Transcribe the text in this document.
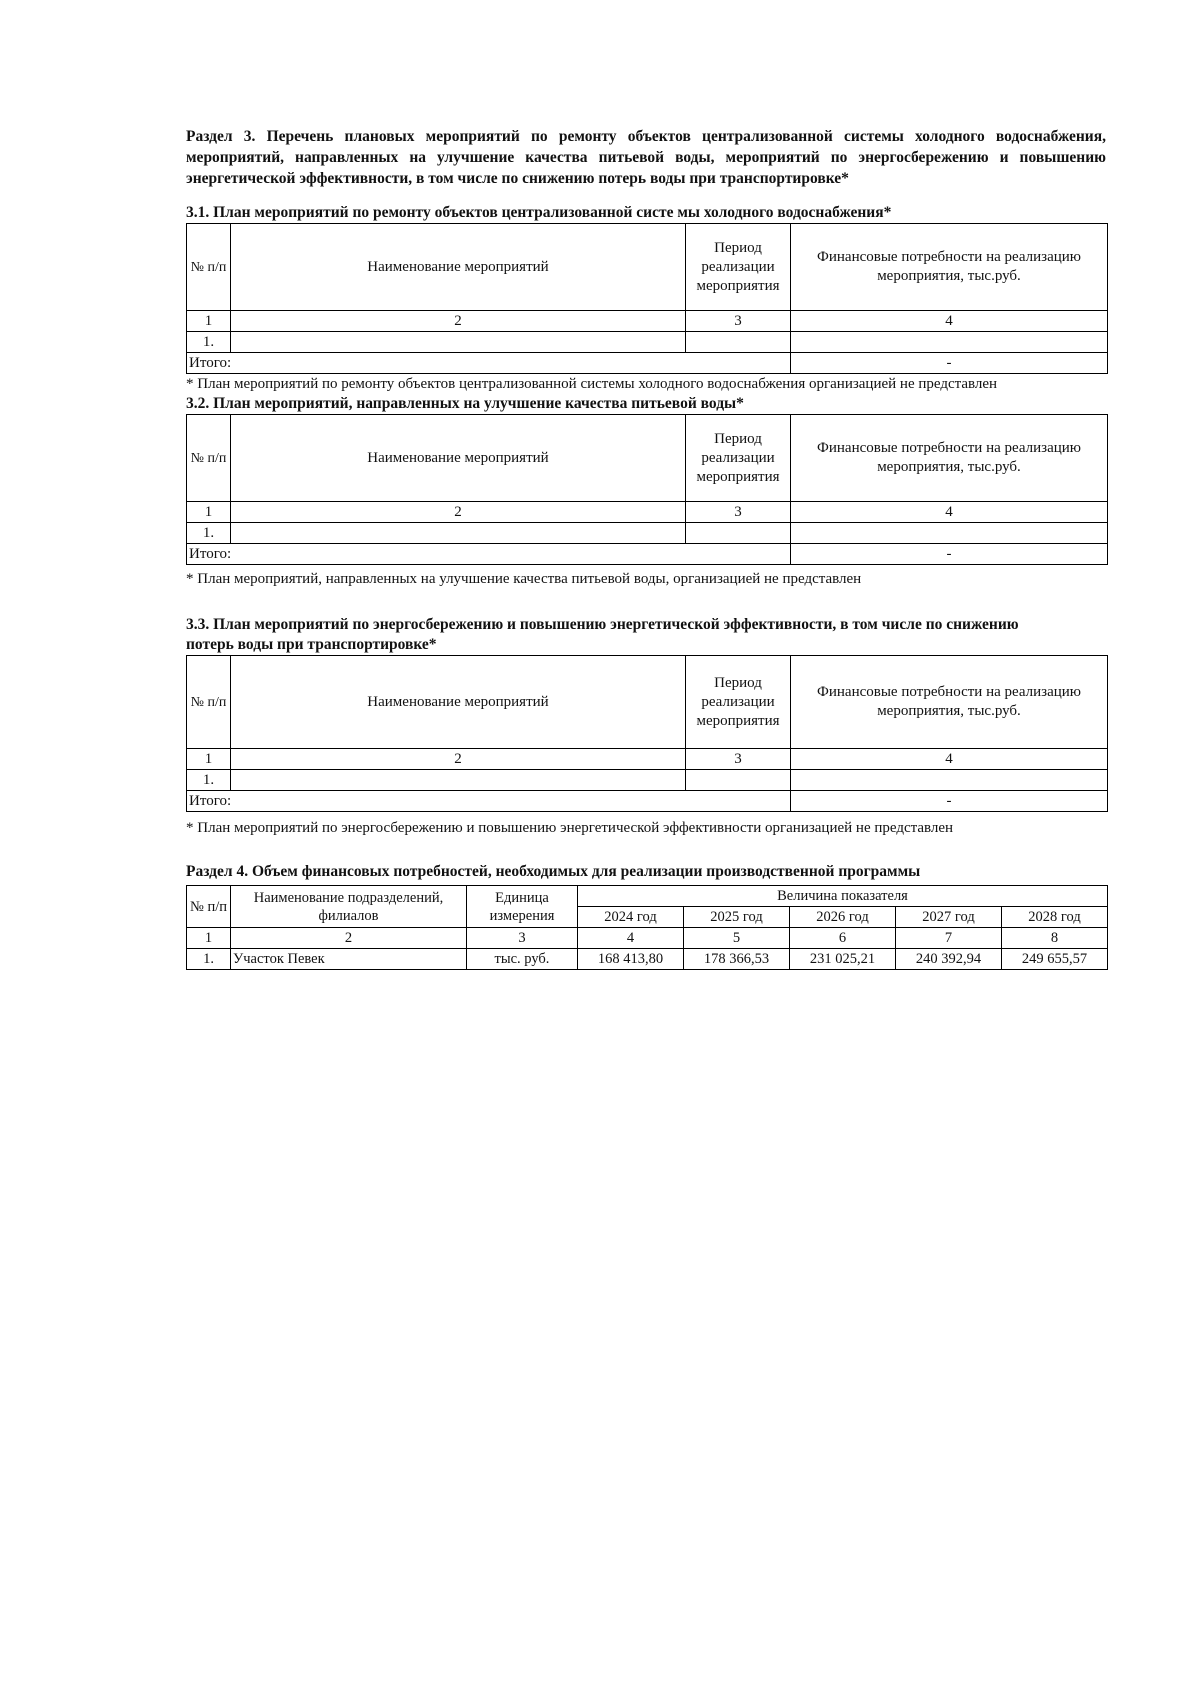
Раздел 3. Перечень плановых мероприятий по ремонту объектов централизованной системы холодного водоснабжения, мероприятий, направленных на улучшение качества питьевой воды, мероприятий по энергосбережению и повышению энергетической эффективности, в том числе по снижению потерь воды при транспортировке*

3.1. План мероприятий по ремонту объектов централизованной систе мы холодного водоснабжения*

№ п/п	Наименование мероприятий	Период реализации мероприятия	Финансовые потребности на реализацию мероприятия, тыс.руб.
1	2	3	4
1.			
Итого:			-

* План мероприятий по ремонту объектов централизованной системы холодного водоснабжения организацией не представлен

3.2. План мероприятий, направленных на улучшение качества питьевой воды*

№ п/п	Наименование мероприятий	Период реализации мероприятия	Финансовые потребности на реализацию мероприятия, тыс.руб.
1	2	3	4
1.			
Итого:			-

* План мероприятий, направленных на улучшение качества питьевой воды, организацией не представлен

3.3. План мероприятий по энергосбережению и повышению энергетической эффективности, в том числе по снижению потерь воды при транспортировке*

№ п/п	Наименование мероприятий	Период реализации мероприятия	Финансовые потребности на реализацию мероприятия, тыс.руб.
1	2	3	4
1.			
Итого:			-

* План мероприятий по энергосбережению и повышению энергетической эффективности организацией не представлен

Раздел 4. Объем финансовых потребностей, необходимых для реализации производственной программы

№ п/п	Наименование подразделений, филиалов	Единица измерения	Величина показателя				
			2024 год	2025 год	2026 год	2027 год	2028 год
1	2	3	4	5	6	7	8
1.	Участок Певек	тыс. руб.	168 413,80	178 366,53	231 025,21	240 392,94	249 655,57
